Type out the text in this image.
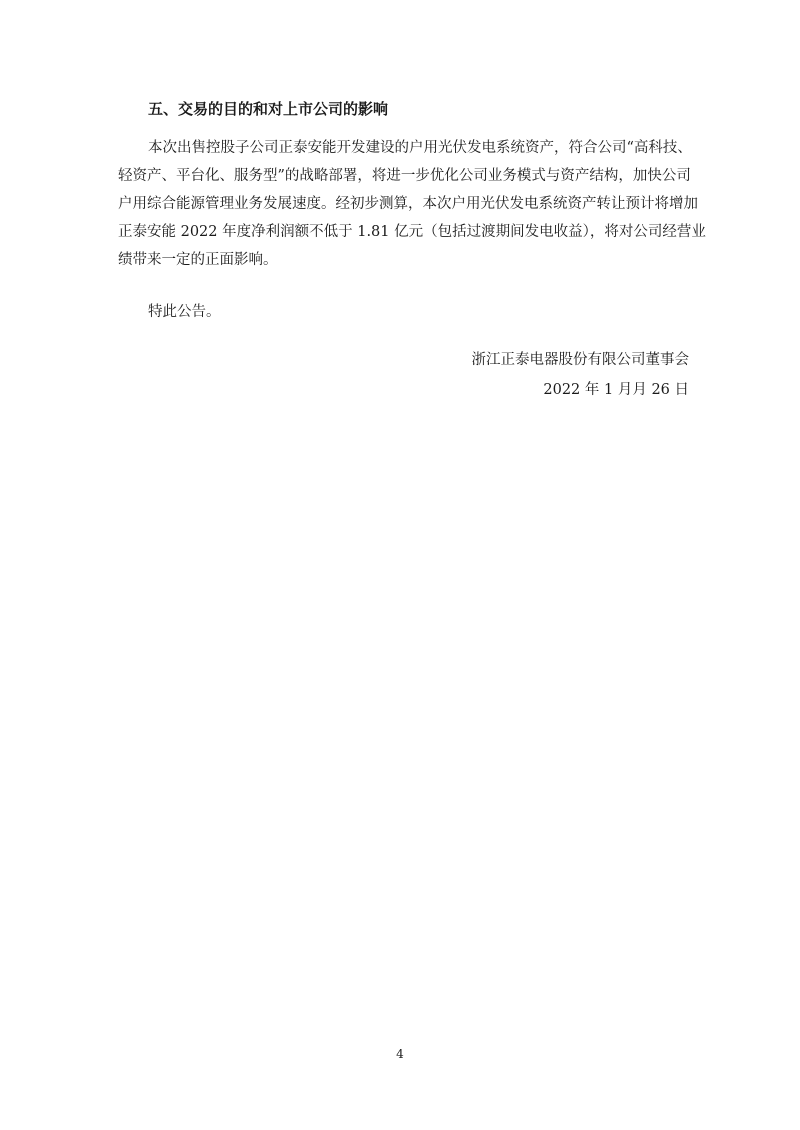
五、交易的目的和对上市公司的影响
本次出售控股子公司正泰安能开发建设的户用光伏发电系统资产，符合公司“高科技、
轻资产、平台化、服务型”的战略部署，将进一步优化公司业务模式与资产结构，加快公司
户用综合能源管理业务发展速度。经初步测算，本次户用光伏发电系统资产转让预计将增加
正泰安能 2022 年度净利润额不低于 1.81 亿元（包括过渡期间发电收益），将对公司经营业
绩带来一定的正面影响。
特此公告。
浙江正泰电器股份有限公司董事会
2022 年 1 月月 26 日
4
